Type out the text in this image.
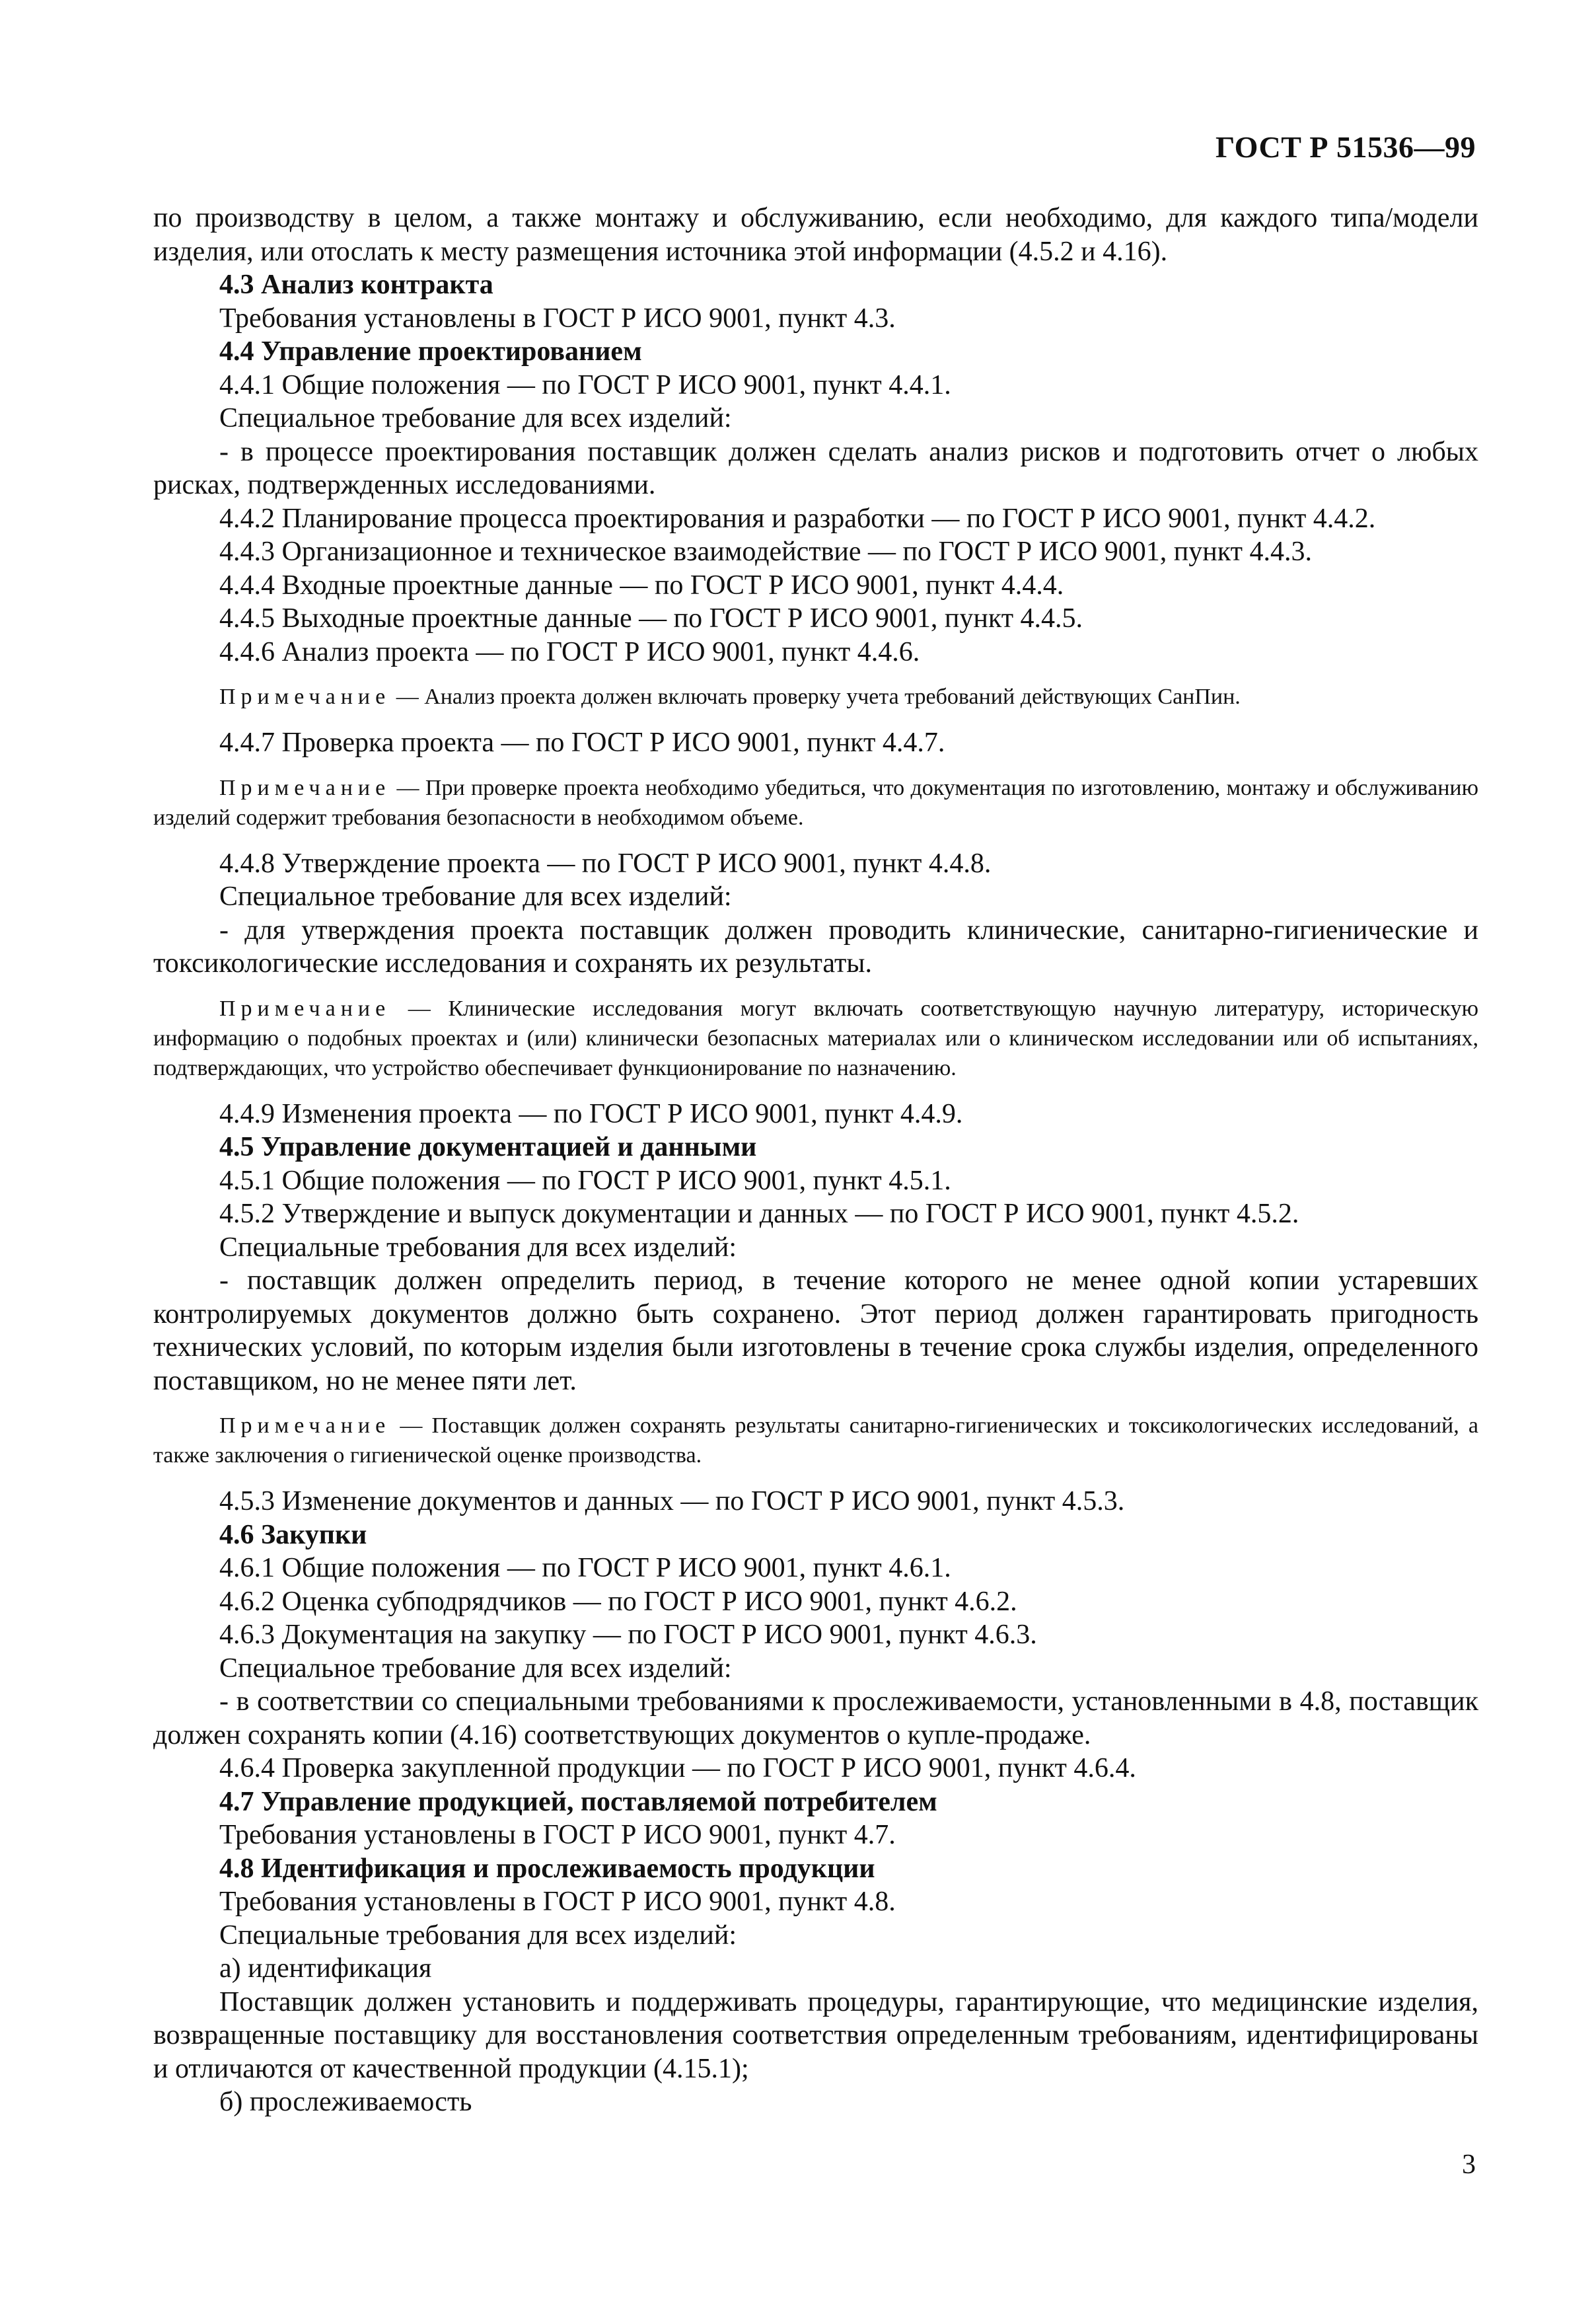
ГОСТ Р 51536—99

по производству в целом, а также монтажу и обслуживанию, если необходимо, для каждого типа/модели изделия, или отослать к месту размещения источника этой информации (4.5.2 и 4.16).

4.3 Анализ контракта

Требования установлены в ГОСТ Р ИСО 9001, пункт 4.3.

4.4 Управление проектированием

4.4.1 Общие положения — по ГОСТ Р ИСО 9001, пункт 4.4.1.

Специальное требование для всех изделий:

- в процессе проектирования поставщик должен сделать анализ рисков и подготовить отчет о любых рисках, подтвержденных исследованиями.

4.4.2 Планирование процесса проектирования и разработки — по ГОСТ Р ИСО 9001, пункт 4.4.2.

4.4.3 Организационное и техническое взаимодействие — по ГОСТ Р ИСО 9001, пункт 4.4.3.

4.4.4 Входные проектные данные — по ГОСТ Р ИСО 9001, пункт 4.4.4.

4.4.5 Выходные проектные данные — по ГОСТ Р ИСО 9001, пункт 4.4.5.

4.4.6 Анализ проекта — по ГОСТ Р ИСО 9001, пункт 4.4.6.

Примечание — Анализ проекта должен включать проверку учета требований действующих СанПин.

4.4.7 Проверка проекта — по ГОСТ Р ИСО 9001, пункт 4.4.7.

Примечание — При проверке проекта необходимо убедиться, что документация по изготовлению, монтажу и обслуживанию изделий содержит требования безопасности в необходимом объеме.

4.4.8 Утверждение проекта — по ГОСТ Р ИСО 9001, пункт 4.4.8.

Специальное требование для всех изделий:

- для утверждения проекта поставщик должен проводить клинические, санитарно-гигиенические и токсикологические исследования и сохранять их результаты.

Примечание — Клинические исследования могут включать соответствующую научную литературу, историческую информацию о подобных проектах и (или) клинически безопасных материалах или о клиническом исследовании или об испытаниях, подтверждающих, что устройство обеспечивает функционирование по назначению.

4.4.9 Изменения проекта — по ГОСТ Р ИСО 9001, пункт 4.4.9.

4.5 Управление документацией и данными

4.5.1 Общие положения — по ГОСТ Р ИСО 9001, пункт 4.5.1.

4.5.2 Утверждение и выпуск документации и данных — по ГОСТ Р ИСО 9001, пункт 4.5.2.

Специальные требования для всех изделий:

- поставщик должен определить период, в течение которого не менее одной копии устаревших контролируемых документов должно быть сохранено. Этот период должен гарантировать пригодность технических условий, по которым изделия были изготовлены в течение срока службы изделия, определенного поставщиком, но не менее пяти лет.

Примечание — Поставщик должен сохранять результаты санитарно-гигиенических и токсикологических исследований, а также заключения о гигиенической оценке производства.

4.5.3 Изменение документов и данных — по ГОСТ Р ИСО 9001, пункт 4.5.3.

4.6 Закупки

4.6.1 Общие положения — по ГОСТ Р ИСО 9001, пункт 4.6.1.

4.6.2 Оценка субподрядчиков — по ГОСТ Р ИСО 9001, пункт 4.6.2.

4.6.3 Документация на закупку — по ГОСТ Р ИСО 9001, пункт 4.6.3.

Специальное требование для всех изделий:

- в соответствии со специальными требованиями к прослеживаемости, установленными в 4.8, поставщик должен сохранять копии (4.16) соответствующих документов о купле-продаже.

4.6.4 Проверка закупленной продукции — по ГОСТ Р ИСО 9001, пункт 4.6.4.

4.7 Управление продукцией, поставляемой потребителем

Требования установлены в ГОСТ Р ИСО 9001, пункт 4.7.

4.8 Идентификация и прослеживаемость продукции

Требования установлены в ГОСТ Р ИСО 9001, пункт 4.8.

Специальные требования для всех изделий:

а) идентификация

Поставщик должен установить и поддерживать процедуры, гарантирующие, что медицинские изделия, возвращенные поставщику для восстановления соответствия определенным требованиям, идентифицированы и отличаются от качественной продукции (4.15.1);

б) прослеживаемость

3
